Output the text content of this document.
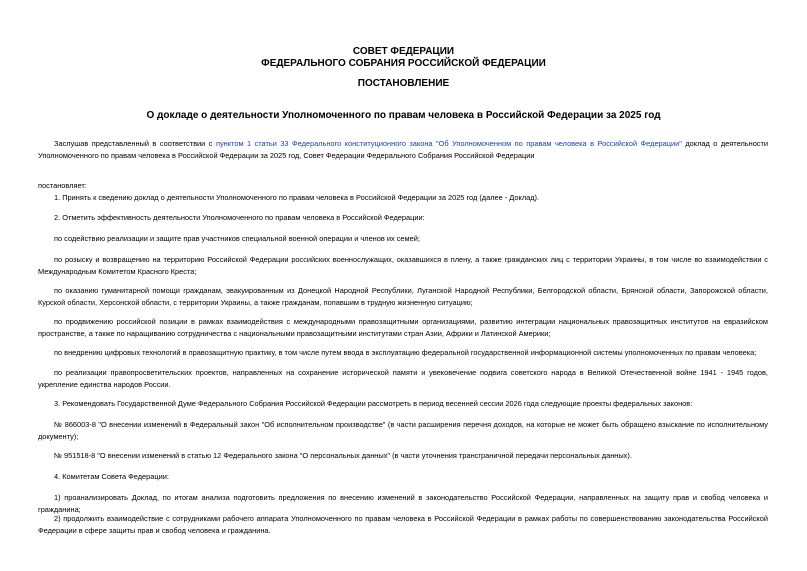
СОВЕТ ФЕДЕРАЦИИ
ФЕДЕРАЛЬНОГО СОБРАНИЯ РОССИЙСКОЙ ФЕДЕРАЦИИ
ПОСТАНОВЛЕНИЕ
О докладе о деятельности Уполномоченного по правам человека в Российской Федерации за 2025 год
Заслушав представленный в соответствии с пунктом 1 статьи 33 Федерального конституционного закона "Об Уполномоченном по правам человека в Российской Федерации" доклад о деятельности Уполномоченного по правам человека в Российской Федерации за 2025 год, Совет Федерации Федерального Собрания Российской Федерации
постановляет:
1. Принять к сведению доклад о деятельности Уполномоченного по правам человека в Российской Федерации за 2025 год (далее - Доклад).
2. Отметить эффективность деятельности Уполномоченного по правам человека в Российской Федерации:
по содействию реализации и защите прав участников специальной военной операции и членов их семей;
по розыску и возвращению на территорию Российской Федерации российских военнослужащих, оказавшихся в плену, а также гражданских лиц с территории Украины, в том числе во взаимодействии с Международным Комитетом Красного Креста;
по оказанию гуманитарной помощи гражданам, эвакуированным из Донецкой Народной Республики, Луганской Народной Республики, Белгородской области, Брянской области, Запорожской области, Курской области, Херсонской области, с территории Украины, а также гражданам, попавшим в трудную жизненную ситуацию;
по продвижению российской позиции в рамках взаимодействия с международными правозащитными организациями, развитию интеграции национальных правозащитных институтов на евразийском пространстве, а также по наращиванию сотрудничества с национальными правозащитными институтами стран Азии, Африки и Латинской Америки;
по внедрению цифровых технологий в правозащитную практику, в том числе путем ввода в эксплуатацию федеральной государственной информационной системы уполномоченных по правам человека;
по реализации правопросветительских проектов, направленных на сохранение исторической памяти и увековечение подвига советского народа в Великой Отечественной войне 1941 - 1945 годов, укрепление единства народов России.
3. Рекомендовать Государственной Думе Федерального Собрания Российской Федерации рассмотреть в период весенней сессии 2026 года следующие проекты федеральных законов:
№ 866003-8 "О внесении изменений в Федеральный закон "Об исполнительном производстве" (в части расширения перечня доходов, на которые не может быть обращено взыскание по исполнительному документу);
№ 951518-8 "О внесении изменений в статью 12 Федерального закона "О персональных данных" (в части уточнения трансграничной передачи персональных данных).
4. Комитетам Совета Федерации:
1) проанализировать Доклад, по итогам анализа подготовить предложения по внесению изменений в законодательство Российской Федерации, направленных на защиту прав и свобод человека и гражданина;
2) продолжить взаимодействие с сотрудниками рабочего аппарата Уполномоченного по правам человека в Российской Федерации в рамках работы по совершенствованию законодательства Российской Федерации в сфере защиты прав и свобод человека и гражданина.
